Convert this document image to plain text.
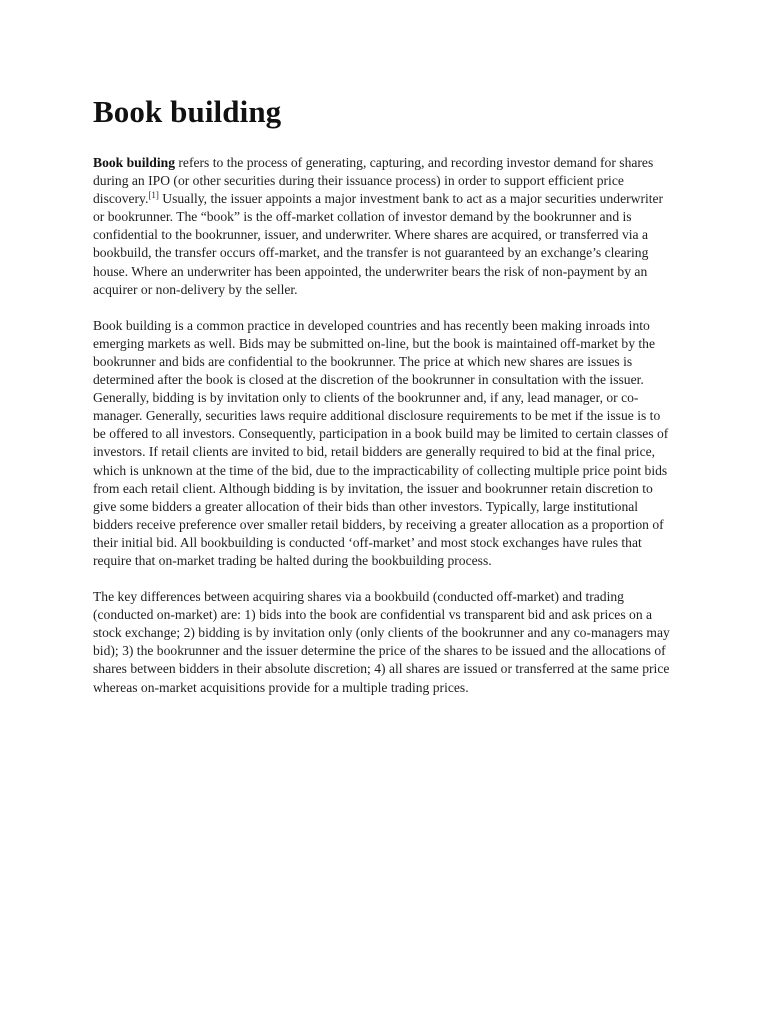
Book building

Book building refers to the process of generating, capturing, and recording investor demand for shares during an IPO (or other securities during their issuance process) in order to support efficient price discovery.[1] Usually, the issuer appoints a major investment bank to act as a major securities underwriter or bookrunner. The “book” is the off-market collation of investor demand by the bookrunner and is confidential to the bookrunner, issuer, and underwriter. Where shares are acquired, or transferred via a bookbuild, the transfer occurs off-market, and the transfer is not guaranteed by an exchange’s clearing house. Where an underwriter has been appointed, the underwriter bears the risk of non-payment by an acquirer or non-delivery by the seller.

Book building is a common practice in developed countries and has recently been making inroads into emerging markets as well. Bids may be submitted on-line, but the book is maintained off-market by the bookrunner and bids are confidential to the bookrunner. The price at which new shares are issues is determined after the book is closed at the discretion of the bookrunner in consultation with the issuer. Generally, bidding is by invitation only to clients of the bookrunner and, if any, lead manager, or co-manager. Generally, securities laws require additional disclosure requirements to be met if the issue is to be offered to all investors. Consequently, participation in a book build may be limited to certain classes of investors. If retail clients are invited to bid, retail bidders are generally required to bid at the final price, which is unknown at the time of the bid, due to the impracticability of collecting multiple price point bids from each retail client. Although bidding is by invitation, the issuer and bookrunner retain discretion to give some bidders a greater allocation of their bids than other investors. Typically, large institutional bidders receive preference over smaller retail bidders, by receiving a greater allocation as a proportion of their initial bid. All bookbuilding is conducted ‘off-market’ and most stock exchanges have rules that require that on-market trading be halted during the bookbuilding process.

The key differences between acquiring shares via a bookbuild (conducted off-market) and trading (conducted on-market) are: 1) bids into the book are confidential vs transparent bid and ask prices on a stock exchange; 2) bidding is by invitation only (only clients of the bookrunner and any co-managers may bid); 3) the bookrunner and the issuer determine the price of the shares to be issued and the allocations of shares between bidders in their absolute discretion; 4) all shares are issued or transferred at the same price whereas on-market acquisitions provide for a multiple trading prices.
